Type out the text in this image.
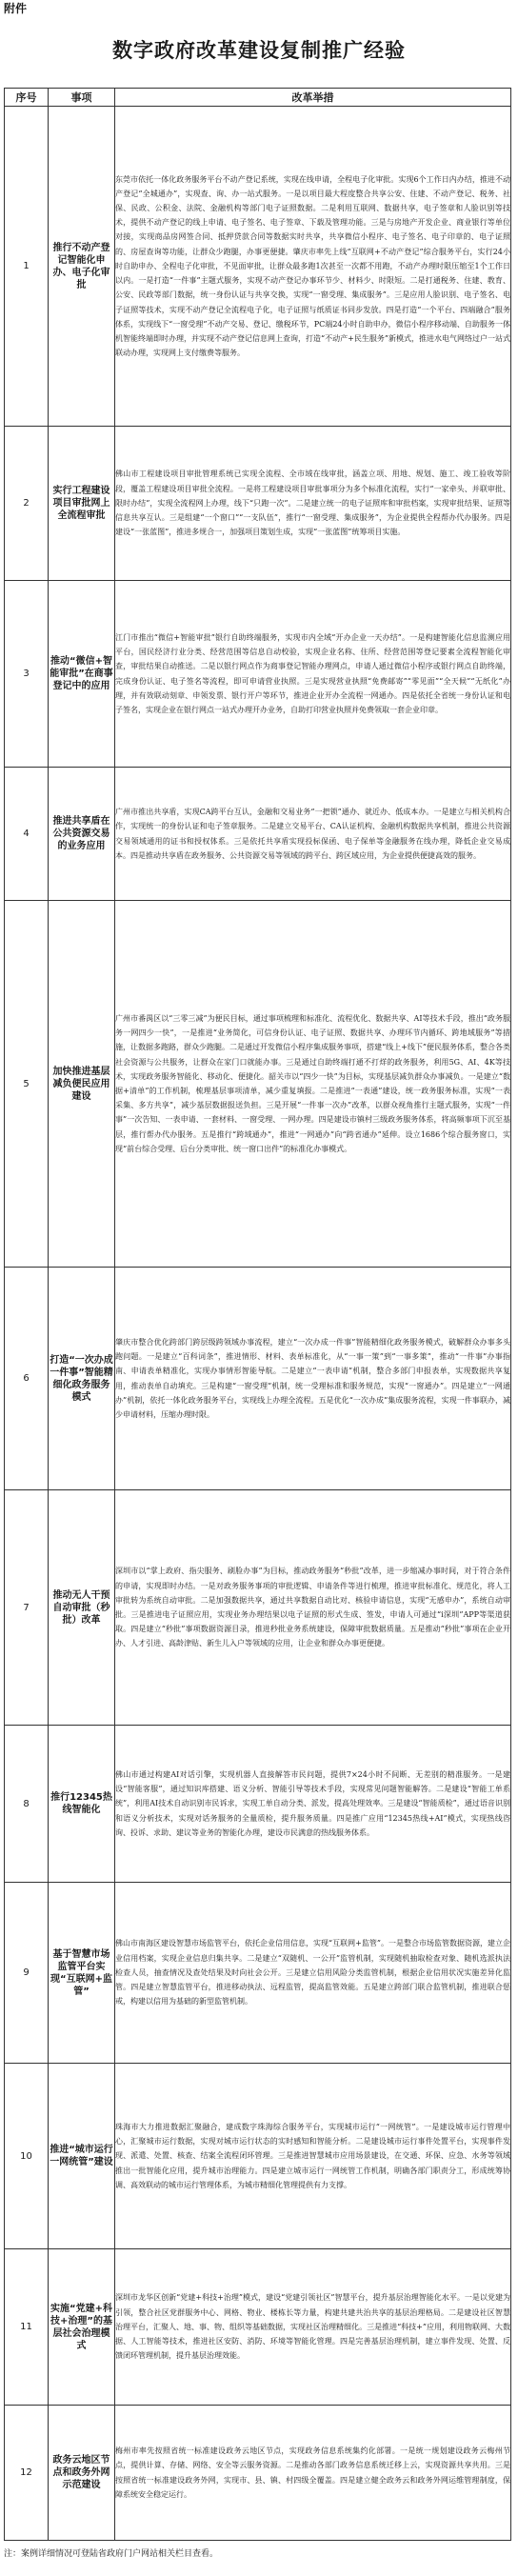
附件
数字政府改革建设复制推广经验
序号	事项	改革举措
1	推行不动产登记智能化申办、电子化审批	东莞市依托一体化政务服务平台不动产登记系统，实现在线申请，全程电子化审批。实现6个工作日内办结，推进不动产登记“全城通办”，实现查、询、办一站式服务。一是以项目最大程度整合共享公安、住建、不动产登记、税务、社保、民政、公积金、法院、金融机构等部门电子证照数据。二是利用互联网、数据共享，电子签章和人脸识别等技术，提供不动产登记的线上申请、电子签名、电子签章、下载及管理功能。三是与房地产开发企业、商业银行等单位对接，实现商品房网签合同、抵押贷款合同等数据实时共享，共享微信小程序、电子签名、电子印章的、电子证照的、房屋查询等功能，让群众少跑腿，办事更便捷。肇庆市率先上线“互联网+不动产登记”综合服务平台，实行24小时自助申办、全程电子化审批，不见面审批，让群众最多跑1次甚至一次都不用跑，不动产办理时限压缩至1个工作日以内。一是打造“一件事”主题式服务，实现不动产登记办事环节少、材料少、时限短。二是打通税务、住建、教育、公安、民政等部门数据，统一身份认证与共享交换，实现“一窗受理、集成服务”。三是应用人脸识别、电子签名、电子证照等技术，实现不动产登记全流程电子化，电子证照与纸质证书同步发放。四是打造“一个平台、四端融合”服务体系，实现线下“一窗受理”不动产交易、登记、缴税环节，PC端24小时自助申办，微信小程序移动端、自助服务一体机智能终端即时办理，并实现不动产登记信息网上查询，打造“不动产+民生服务”新模式，推进水电气网络过户一站式联动办理，实现网上支付缴费等服务。

2	实行工程建设项目审批网上全流程审批	佛山市工程建设项目审批管理系统已实现全流程、全市域在线审批，涵盖立项、用地、规划、施工、竣工验收等阶段，覆盖工程建设项目审批全流程。一是将工程建设项目审批事项分为多个标准化流程，实行“一家牵头、并联审批、限时办结”，实现全流程网上办理，线下“只跑一次”。二是建立统一的电子证照库和审批档案，实现审批结果、证照等信息共享互认。三是组建“一个窗口”“一支队伍”，推行“一窗受理、集成服务”，为企业提供全程帮办代办服务。四是建设“一张蓝图”，推进多规合一，加强项目策划生成，实现“一张蓝图”统筹项目实施。

3	推动“微信+智能审批”在商事登记中的应用	江门市推出“微信+智能审批”银行自助终端服务，实现市内全域“开办企业一天办结”。一是构建智能化信息监测应用平台，国民经济行业分类、经营范围等信息自动校验，实现企业名称、住所、经营范围等登记要素全流程智能化审查，审批结果自动推送。二是以银行网点作为商事登记智能办理网点，申请人通过微信小程序或银行网点自助终端，完成身份认证、电子签名等流程，即可申请营业执照。三是实现营业执照“免费邮寄”“零见面”“全天候”“无纸化”办理，并有效联动刻章、申领发票、银行开户等环节，推进企业开办全流程一网通办。四是依托全省统一身份认证和电子签名，实现企业在银行网点一站式办理开办业务，自助打印营业执照并免费领取一套企业印章。

4	推进共享盾在公共资源交易的业务应用	广州市推出共享盾，实现CA跨平台互认，金融和交易业务“一把锁”通办、就近办、低成本办。一是建立与相关机构合作，实现统一的身份认证和电子签章服务。二是建立交易平台、CA认证机构、金融机构数据共享机制，推进公共资源交易领域通用的证书和授权体系。三是依托共享盾实现投标保函、电子保单等金融服务在线办理，降低企业交易成本。四是推动共享盾在政务服务、公共资源交易等领域的跨平台、跨区域应用，为企业提供便捷高效的服务。

5	加快推进基层减负便民应用建设	广州市番禺区以“三零三减”为便民目标，通过事项梳理和标准化、流程优化、数据共享、AI等技术手段，推出“政务服务一网四少一快”，一是推进“业务简化，可信身份认证、电子证照、数据共享、办理环节内循环、跨地域服务”等措施，让数据多跑路，群众少跑腿。二是通过开发微信小程序集成服务事项，搭建“线上+线下”便民服务体系，整合各类社会资源与公共服务，让群众在家门口就能办事。三是通过自助终端打通不打烊的政务服务，利用5G、AI、4K等技术，实现政务服务智能化、移动化、便捷化。韶关市以“四少一快”为目标，实现基层减负群众办事减负。一是建立“数据+清单”的工作机制，梳理基层事项清单，减少重复填报。二是推进“一表通”建设，统一政务服务标准，实现“一表采集、多方共享”，减少基层数据报送负担。三是开展“一件事一次办”改革，以群众视角推行主题式服务，实现“一件事”一次告知、一表申请、一套材料、一窗受理、一网办理。四是建设市镇村三级政务服务体系，将高频事项下沉至基层，推行帮办代办服务。五是推行“跨域通办”，推进“一网通办”向“跨省通办”延伸。设立1686个综合服务窗口，实现“前台综合受理、后台分类审批、统一窗口出件”的标准化办事模式。

6	打造“一次办成一件事”智能精细化政务服务模式	肇庆市整合优化跨部门跨层级跨领域办事流程，建立“一次办成一件事”智能精细化政务服务模式，破解群众办事多头跑问题。一是建立“百科词条”，推进情形、材料、表单标准化，从“一事一策”到“一事多策”，推动“一件事”办事指南、申请表单精准化，实现办事情形智能导航。二是建立“一表申请”机制，整合多部门申报表单，实现数据共享复用，推动表单自动填充。三是构建“一窗受理”机制，统一受理标准和服务规范，实现“一窗通办”。四是建立“一网通办”机制，依托一体化政务服务平台，实现线上办理全流程。五是优化“一次办成”集成服务流程，实现一件事联办，减少申请材料，压缩办理时限。

7	推动无人干预自动审批（秒批）改革	深圳市以“掌上政府、指尖服务、刷脸办事”为目标，推动政务服务“秒批”改革，进一步缩减办事时间，对于符合条件的申请，实现即时办结。一是对政务服务事项的审批逻辑、申请条件等进行梳理，推进审批标准化、规范化，将人工审批转为系统自动审批。二是加强数据共享，通过共享数据自动比对、核验申请信息，实现“无感申办”，系统自动审批。三是推进电子证照应用，实现业务办理结果以电子证照的形式生成、签发，申请人可通过“i深圳”APP等渠道获取。四是建立“秒批”事项数据资源目录，推进秒批业务系统建设，保障审批数据质量。五是推动“秒批”事项在企业开办、人才引进、高龄津贴、新生儿入户等领域的应用，让企业和群众办事更便捷。

8	推行12345热线智能化	佛山市通过构建AI对话引擎，实现机器人直接解答市民问题，提供7×24小时不间断、无差别的精准服务。一是建设“智能客服”，通过知识库搭建、语义分析、智能引导等技术手段，实现常见问题智能解答。二是建设“智能工单系统”，利用AI技术自动识别市民诉求，实现工单自动分类、派发，提高处理效率。三是建设“智能质检”，通过语音识别和语义分析技术，实现对话务服务的全量质检，提升服务质量。四是推广应用“12345热线+AI”模式，实现热线咨询、投诉、求助、建议等业务的智能化办理，建设市民满意的热线服务体系。

9	基于智慧市场监管平台实现“互联网+监管”	佛山市南海区建设智慧市场监管平台，依托企业信用信息，实现“互联网+监管”。一是整合市场监管数据资源，建立企业信用档案，实现企业信息归集共享。二是建立“双随机、一公开”监管机制，实现随机抽取检查对象、随机选派执法检查人员，抽查情况及查处结果及时向社会公开。三是建立信用风险分类监管机制，根据企业信用状况实施差异化监管。四是建立智慧监管平台，推进移动执法、远程监管，提高监管效能。五是建立跨部门联合监管机制，推进联合惩戒，构建以信用为基础的新型监管机制。

10	推进“城市运行一网统管”建设	珠海市大力推进数据汇聚融合，建成数字珠海综合服务平台，实现城市运行“一网统管”。一是建设城市运行管理中心，汇聚城市运行数据，实现对城市运行状态的实时感知和智能分析。二是建设城市运行事件处置平台，实现事件发现、派遣、处置、核查、结案全流程闭环管理。三是推进智慧城市应用场景建设，在交通、环保、应急、水务等领域推出一批智能化应用，提升城市治理能力。四是建立城市运行一网统管工作机制，明确各部门职责分工，形成统筹协调、高效联动的城市运行管理体系，为城市精细化管理提供有力支撑。

11	实施“党建+科技+治理”的基层社会治理模式	深圳市龙华区创新“党建+科技+治理”模式，建设“党建引领社区”智慧平台，提升基层治理智能化水平。一是以党建为引领，整合社区党群服务中心、网格、物业、楼栋长等力量，构建共建共治共享的基层治理格局。二是建设社区智慧治理平台，汇聚人、地、事、物、组织等基础数据，实现社区治理精细化。三是推进“科技+”应用，利用物联网、大数据、人工智能等技术，推进社区安防、消防、环境等智能化管理。四是完善基层治理机制，建立事件发现、处置、反馈闭环管理机制，提升基层治理效能。

12	政务云地区节点和政务外网示范建设	梅州市率先按照省统一标准建设政务云地区节点，实现政务信息系统集约化部署。一是统一规划建设政务云梅州节点，提供计算、存储、网络、安全等云服务资源。二是推动各部门政务信息系统迁移上云，实现资源共享共用。三是按照省统一标准建设政务外网，实现市、县、镇、村四级全覆盖。四是建立健全政务云和政务外网运维管理制度，保障系统安全稳定运行。
注：案例详细情况可登陆省政府门户网站相关栏目查看。
